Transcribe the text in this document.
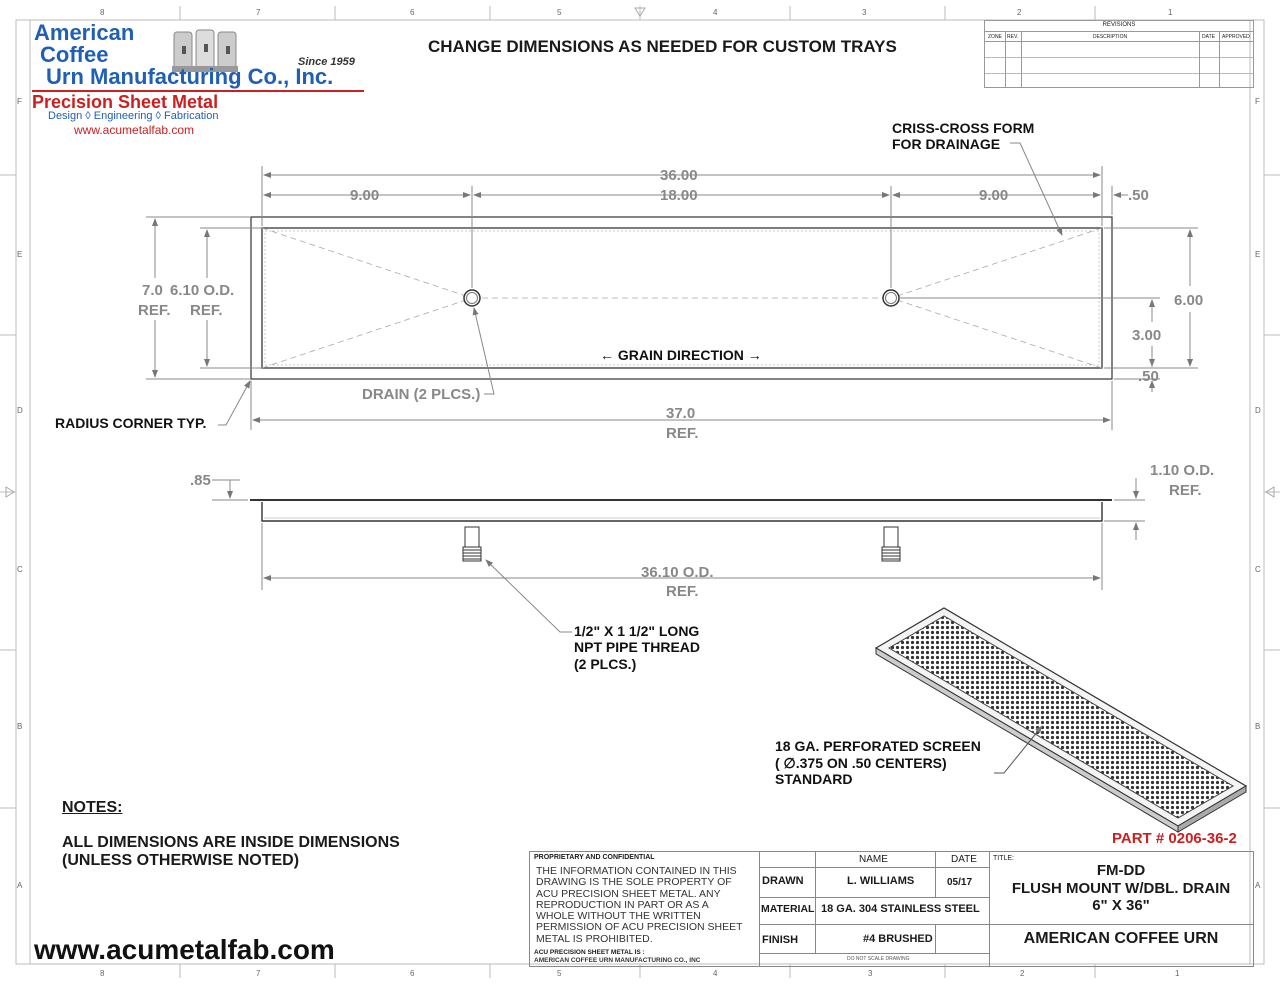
8	7	6	5	4	3	2	1
8	7	6	5	4	3	2	1
F
E
D
C
B
A
F
E
D
C
B
A
American
Coffee
Urn Manufacturing Co., Inc.
Since 1959
Precision Sheet Metal
Design ◊ Engineering ◊ Fabrication
www.acumetalfab.com
CHANGE DIMENSIONS AS NEEDED FOR CUSTOM TRAYS
REVISIONS
ZONE REV.	DESCRIPTION	DATE APPROVED
CRISS-CROSS FORM
FOR DRAINAGE
36.00
18.00
9.00	9.00	.50
7.0
REF.
6.10 O.D.
REF.
6.00
3.00
.50
← GRAIN DIRECTION →
DRAIN (2 PLCS.)
RADIUS CORNER TYP.
37.0
REF.
.85
1.10 O.D.
REF.
36.10 O.D.
REF.
1/2" X 1 1/2" LONG
NPT PIPE THREAD
(2 PLCS.)
18 GA. PERFORATED SCREEN
( ∅.375 ON .50 CENTERS)
STANDARD
NOTES:
ALL DIMENSIONS ARE INSIDE DIMENSIONS
(UNLESS OTHERWISE NOTED)
www.acumetalfab.com
PART # 0206-36-2
PROPRIETARY AND CONFIDENTIAL
THE INFORMATION CONTAINED IN THIS DRAWING IS THE SOLE PROPERTY OF ACU PRECISION SHEET METAL. ANY REPRODUCTION IN PART OR AS A WHOLE WITHOUT THE WRITTEN PERMISSION OF ACU PRECISION SHEET METAL IS PROHIBITED.
ACU PRECISION SHEET METAL IS :
AMERICAN COFFEE URN MANUFACTURING CO., INC
NAME	DATE
DRAWN	L. WILLIAMS	05/17
MATERIAL 18 GA. 304 STAINLESS STEEL
FINISH	#4 BRUSHED
DO NOT SCALE DRAWING
TITLE:
FM-DD
FLUSH MOUNT W/DBL. DRAIN
6" X 36"
AMERICAN COFFEE URN
